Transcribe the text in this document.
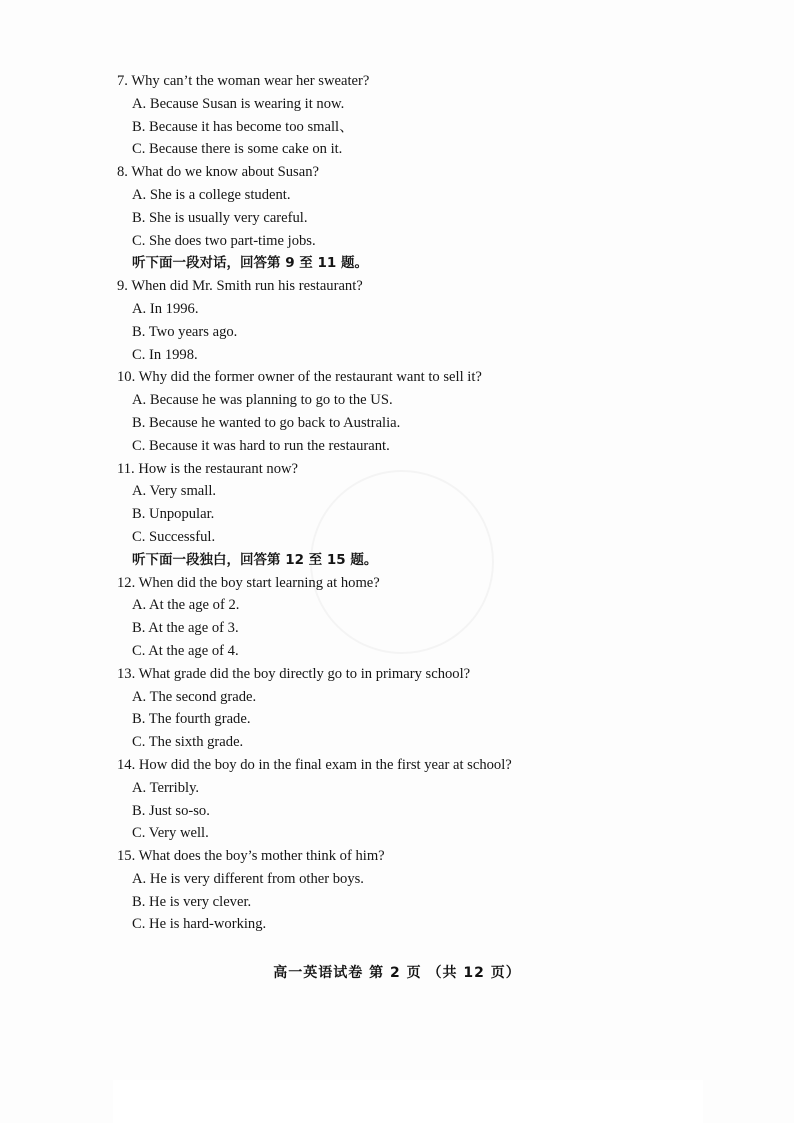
7. Why can’t the woman wear her sweater?
A. Because Susan is wearing it now.
B. Because it has become too small、
C. Because there is some cake on it.
8. What do we know about Susan?
A. She is a college student.
B. She is usually very careful.
C. She does two part-time jobs.
听下面一段对话，回答第 9 至 11 题。
9. When did Mr. Smith run his restaurant?
A. In 1996.
B. Two years ago.
C. In 1998.
10. Why did the former owner of the restaurant want to sell it?
A. Because he was planning to go to the US.
B. Because he wanted to go back to Australia.
C. Because it was hard to run the restaurant.
11. How is the restaurant now?
A. Very small.
B. Unpopular.
C. Successful.
听下面一段独白，回答第 12 至 15 题。
12. When did the boy start learning at home?
A. At the age of 2.
B. At the age of 3.
C. At the age of 4.
13. What grade did the boy directly go to in primary school?
A. The second grade.
B. The fourth grade.
C. The sixth grade.
14. How did the boy do in the final exam in the first year at school?
A. Terribly.
B. Just so-so.
C. Very well.
15. What does the boy’s mother think of him?
A. He is very different from other boys.
B. He is very clever.
C. He is hard-working.
高一英语试卷 第 2 页 （共 12 页）
